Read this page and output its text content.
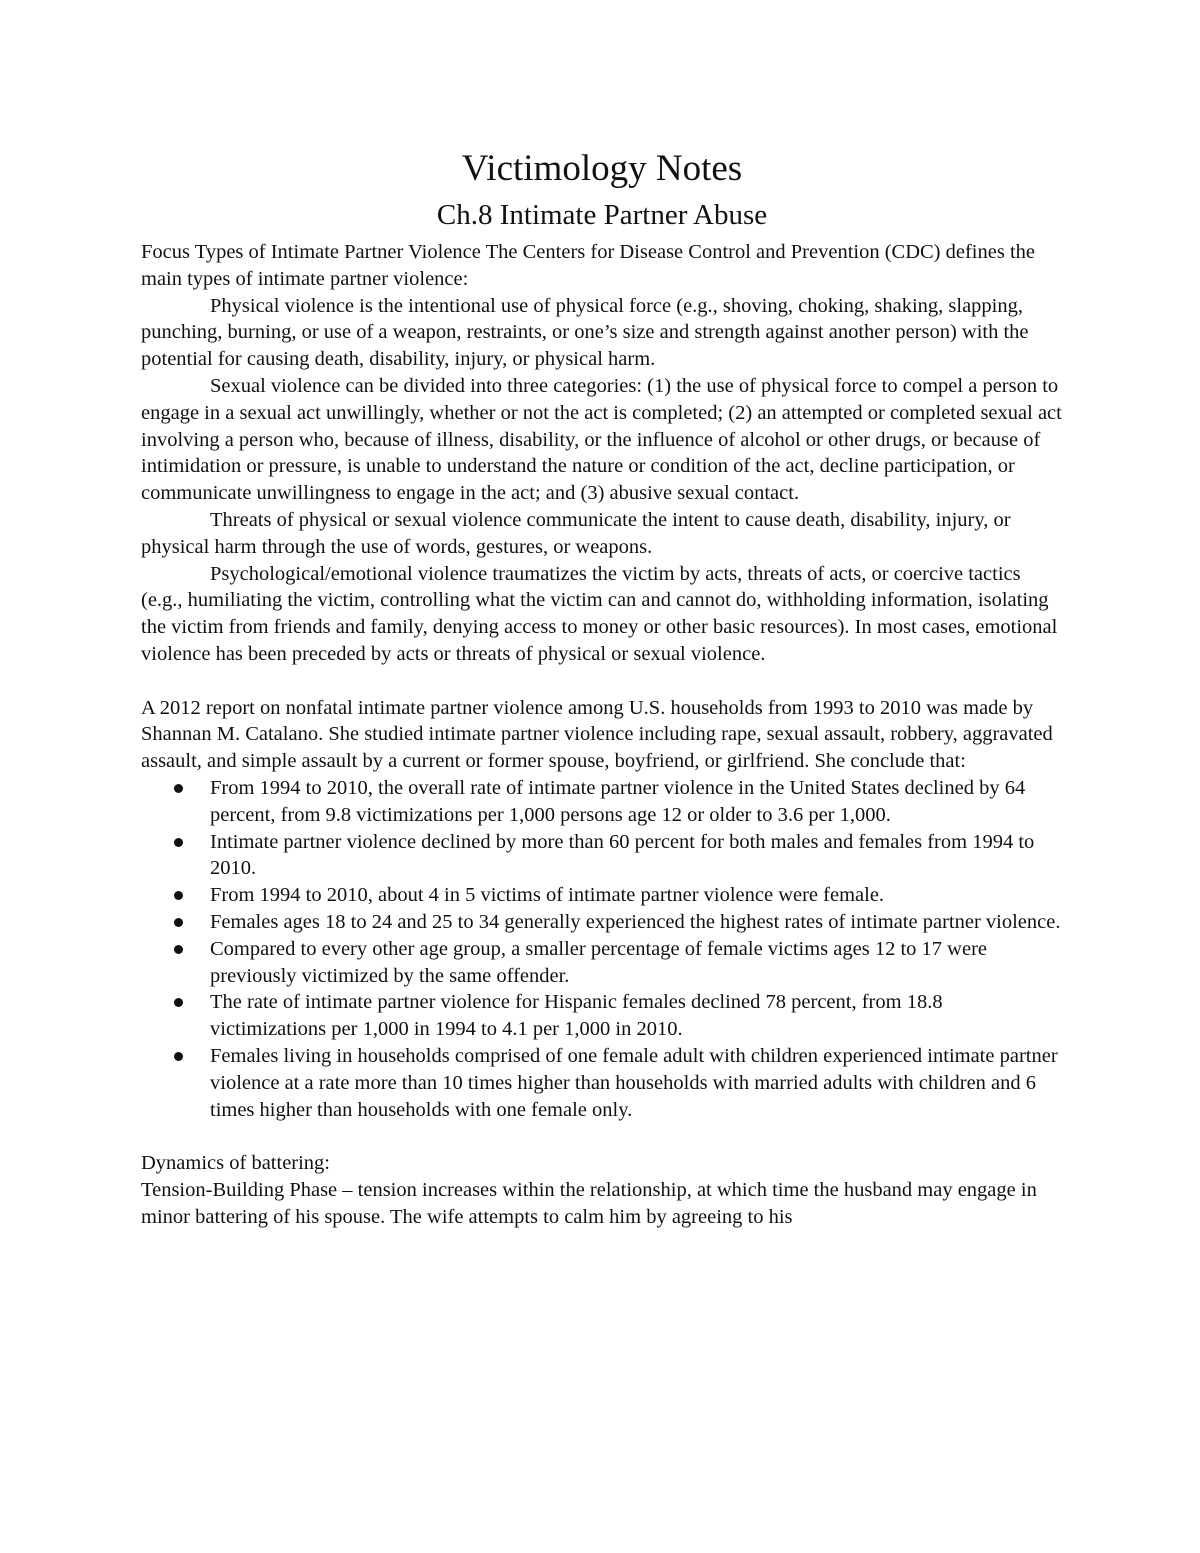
Victimology Notes
Ch.8 Intimate Partner Abuse

Focus Types of Intimate Partner Violence The Centers for Disease Control and Prevention (CDC) defines the main types of intimate partner violence:

Physical violence is the intentional use of physical force (e.g., shoving, choking, shaking, slapping, punching, burning, or use of a weapon, restraints, or one’s size and strength against another person) with the potential for causing death, disability, injury, or physical harm.

Sexual violence can be divided into three categories: (1) the use of physical force to compel a person to engage in a sexual act unwillingly, whether or not the act is completed; (2) an attempted or completed sexual act involving a person who, because of illness, disability, or the influence of alcohol or other drugs, or because of intimidation or pressure, is unable to understand the nature or condition of the act, decline participation, or communicate unwillingness to engage in the act; and (3) abusive sexual contact.

Threats of physical or sexual violence communicate the intent to cause death, disability, injury, or physical harm through the use of words, gestures, or weapons.

Psychological/emotional violence traumatizes the victim by acts, threats of acts, or coercive tactics (e.g., humiliating the victim, controlling what the victim can and cannot do, withholding information, isolating the victim from friends and family, denying access to money or other basic resources). In most cases, emotional violence has been preceded by acts or threats of physical or sexual violence.

A 2012 report on nonfatal intimate partner violence among U.S. households from 1993 to 2010 was made by Shannan M. Catalano. She studied intimate partner violence including rape, sexual assault, robbery, aggravated assault, and simple assault by a current or former spouse, boyfriend, or girlfriend. She conclude that:

From 1994 to 2010, the overall rate of intimate partner violence in the United States declined by 64 percent, from 9.8 victimizations per 1,000 persons age 12 or older to 3.6 per 1,000.
Intimate partner violence declined by more than 60 percent for both males and females from 1994 to 2010.
From 1994 to 2010, about 4 in 5 victims of intimate partner violence were female.
Females ages 18 to 24 and 25 to 34 generally experienced the highest rates of intimate partner violence.
Compared to every other age group, a smaller percentage of female victims ages 12 to 17 were previously victimized by the same offender.
The rate of intimate partner violence for Hispanic females declined 78 percent, from 18.8 victimizations per 1,000 in 1994 to 4.1 per 1,000 in 2010.
Females living in households comprised of one female adult with children experienced intimate partner violence at a rate more than 10 times higher than households with married adults with children and 6 times higher than households with one female only.

Dynamics of battering:

Tension-Building Phase – tension increases within the relationship, at which time the husband may engage in minor battering of his spouse. The wife attempts to calm him by agreeing to his
